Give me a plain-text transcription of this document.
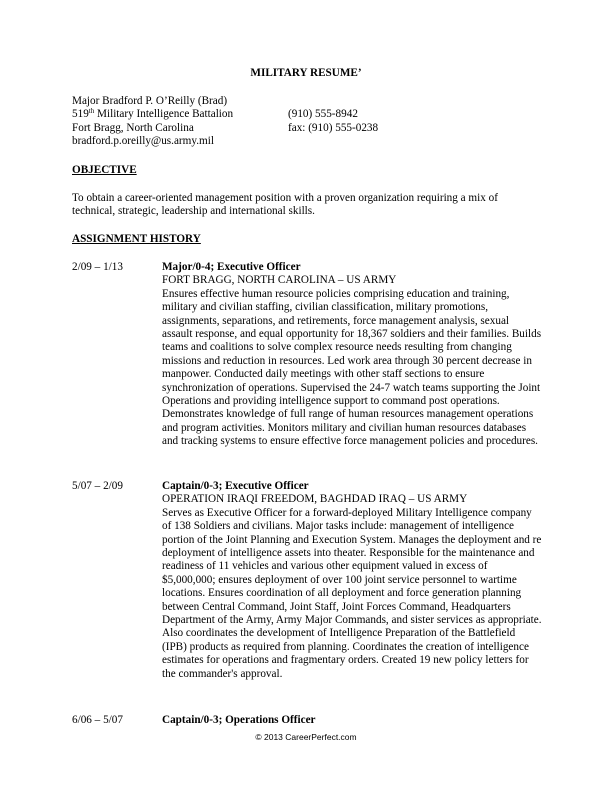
MILITARY RESUME’
Major Bradford P. O’Reilly (Brad)
519th Military Intelligence Battalion	(910) 555-8942
Fort Bragg, North Carolina	fax: (910) 555-0238
bradford.p.oreilly@us.army.mil
OBJECTIVE
To obtain a career-oriented management position with a proven organization requiring a mix of technical, strategic, leadership and international skills.
ASSIGNMENT HISTORY
2/09 – 1/13	Major/0-4; Executive Officer
FORT BRAGG, NORTH CAROLINA – US ARMY

Ensures effective human resource policies comprising education and training, military and civilian staffing, civilian classification, military promotions, assignments, separations, and retirements, force management analysis, sexual assault response, and equal opportunity for 18,367 soldiers and their families. Builds teams and coalitions to solve complex resource needs resulting from changing missions and reduction in resources. Led work area through 30 percent decrease in manpower. Conducted daily meetings with other staff sections to ensure synchronization of operations. Supervised the 24-7 watch teams supporting the Joint Operations and providing intelligence support to command post operations. Demonstrates knowledge of full range of human resources management operations and program activities. Monitors military and civilian human resources databases and tracking systems to ensure effective force management policies and procedures.

5/07 – 2/09	Captain/0-3; Executive Officer
OPERATION IRAQI FREEDOM, BAGHDAD IRAQ – US ARMY

Serves as Executive Officer for a forward-deployed Military Intelligence company of 138 Soldiers and civilians. Major tasks include: management of intelligence portion of the Joint Planning and Execution System. Manages the deployment and re deployment of intelligence assets into theater. Responsible for the maintenance and readiness of 11 vehicles and various other equipment valued in excess of $5,000,000; ensures deployment of over 100 joint service personnel to wartime locations. Ensures coordination of all deployment and force generation planning between Central Command, Joint Staff, Joint Forces Command, Headquarters Department of the Army, Army Major Commands, and sister services as appropriate. Also coordinates the development of Intelligence Preparation of the Battlefield (IPB) products as required from planning. Coordinates the creation of intelligence estimates for operations and fragmentary orders. Created 19 new policy letters for the commander's approval.

6/06 – 5/07	Captain/0-3; Operations Officer
© 2013 CareerPerfect.com
